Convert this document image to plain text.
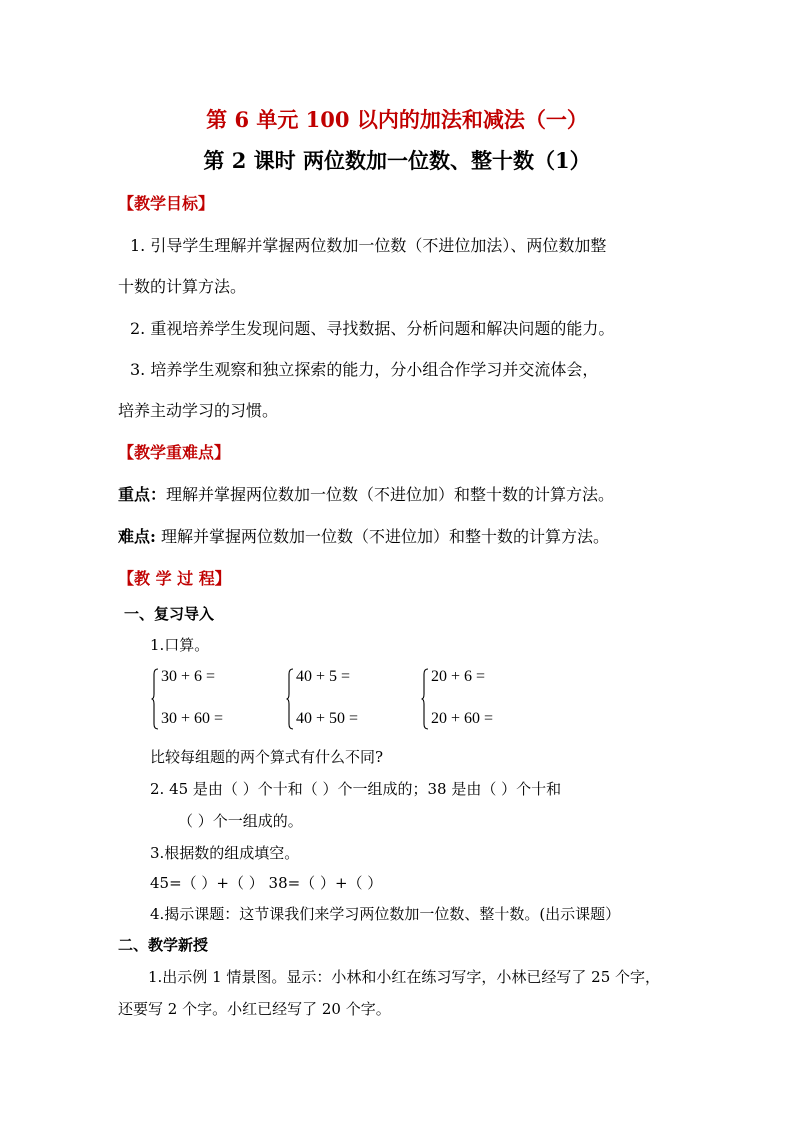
第 6 单元 100 以内的加法和减法（一）
第 2 课时 两位数加一位数、整十数（1）
【教学目标】
1. 引导学生理解并掌握两位数加一位数（不进位加法）、两位数加整
十数的计算方法。
2. 重视培养学生发现问题、寻找数据、分析问题和解决问题的能力。
3. 培养学生观察和独立探索的能力，分小组合作学习并交流体会，
培养主动学习的习惯。
【教学重难点】
重点：理解并掌握两位数加一位数（不进位加）和整十数的计算方法。
难点: 理解并掌握两位数加一位数（不进位加）和整十数的计算方法。
【教 学 过 程】
一、复习导入
1.口算。
30 + 6 =
30 + 60 =
40 + 5 =
40 + 50 =
20 + 6 =
20 + 60 =
比较每组题的两个算式有什么不同?
2. 45 是由（ ）个十和（ ）个一组成的；38 是由（ ）个十和
（ ）个一组成的。
3.根据数的组成填空。
45=（ ）+（ ） 38=（ ）+（ ）
4.揭示课题：这节课我们来学习两位数加一位数、整十数。(出示课题）
二、教学新授
1.出示例 1 情景图。显示：小林和小红在练习写字，小林已经写了 25 个字，
还要写 2 个字。小红已经写了 20 个字。
